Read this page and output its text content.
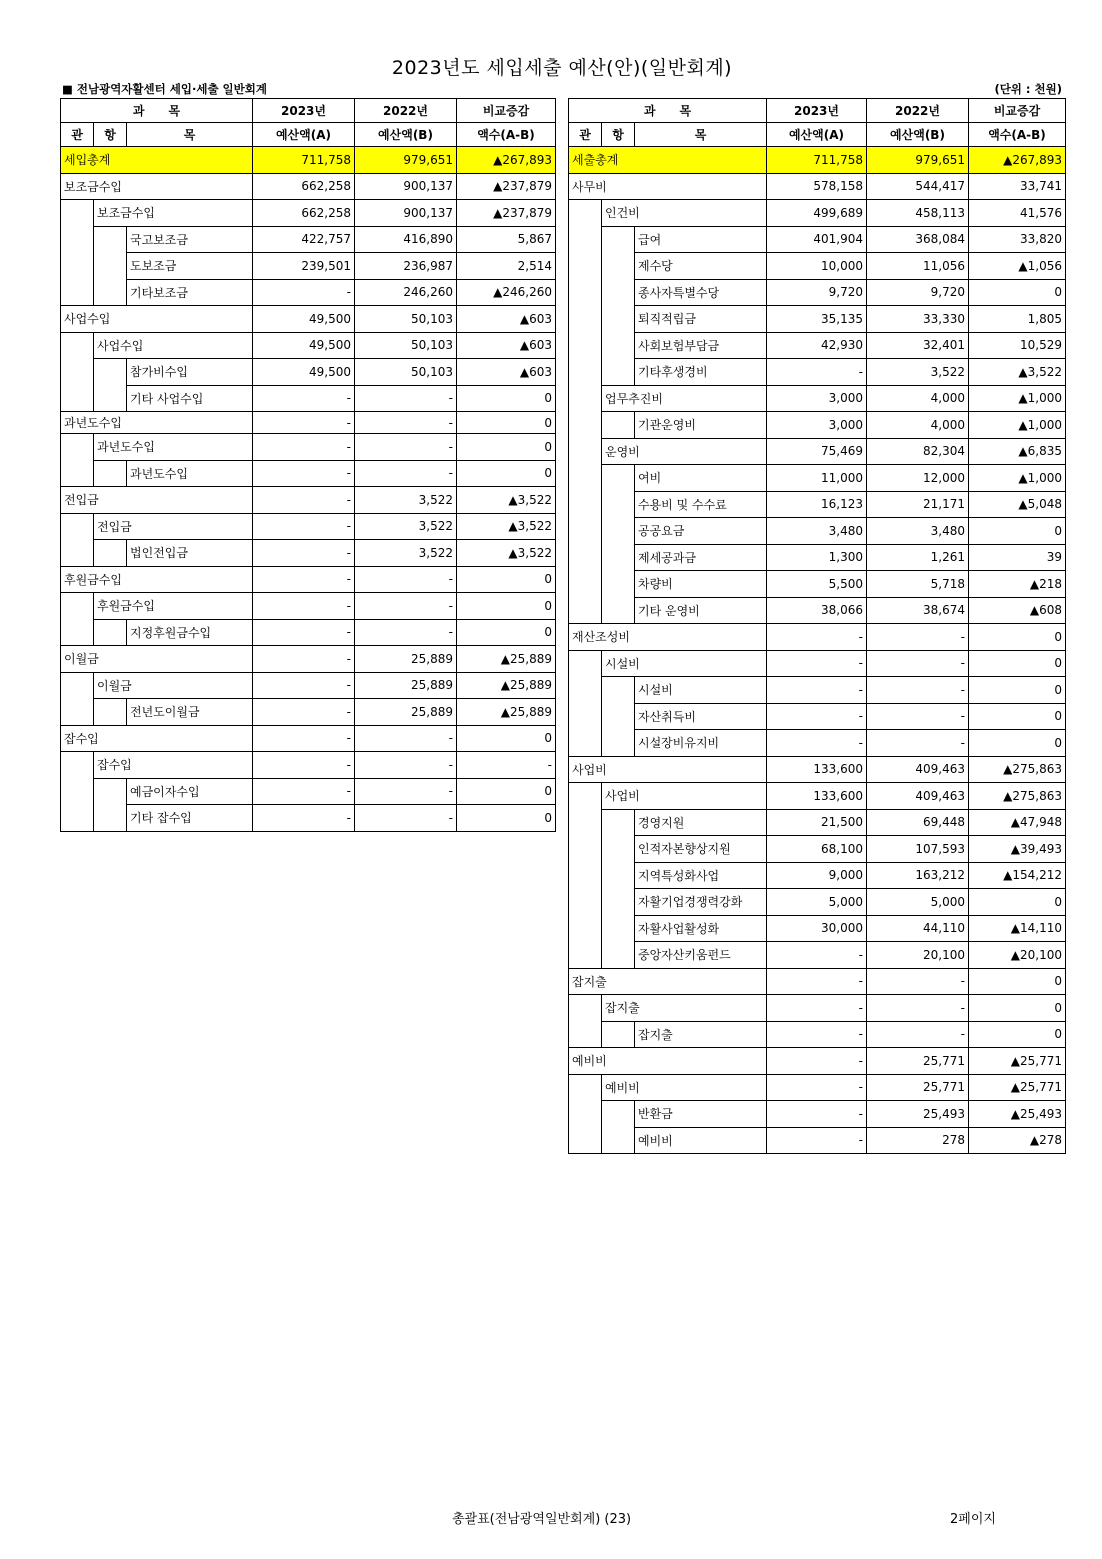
2023년도 세입세출 예산(안)(일반회계)
■ 전남광역자활센터 세입·세출 일반회계	(단위 : 천원)
과　　목			2023년	2022년	비교증감
관	항	목	예산액(A)	예산액(B)	액수(A-B)
세입총계			711,758	979,651	▲267,893
보조금수입			662,258	900,137	▲237,879
	보조금수입		662,258	900,137	▲237,879
		국고보조금	422,757	416,890	5,867
		도보조금	239,501	236,987	2,514
		기타보조금	-	246,260	▲246,260
사업수입			49,500	50,103	▲603
	사업수입		49,500	50,103	▲603
		참가비수입	49,500	50,103	▲603
		기타 사업수입	-	-	0
과년도수입			-	-	0
	과년도수입		-	-	0
		과년도수입	-	-	0
전입금			-	3,522	▲3,522
	전입금		-	3,522	▲3,522
		법인전입금	-	3,522	▲3,522
후원금수입			-	-	0
	후원금수입		-	-	0
		지정후원금수입	-	-	0
이월금			-	25,889	▲25,889
	이월금		-	25,889	▲25,889
		전년도이월금	-	25,889	▲25,889
잡수입			-	-	0
	잡수입		-	-	-
		예금이자수입	-	-	0
		기타 잡수입	-	-	0
과　　목			2023년	2022년	비교증감
관	항	목	예산액(A)	예산액(B)	액수(A-B)
세출총계			711,758	979,651	▲267,893
사무비			578,158	544,417	33,741
	인건비		499,689	458,113	41,576
		급여	401,904	368,084	33,820
		제수당	10,000	11,056	▲1,056
		종사자특별수당	9,720	9,720	0
		퇴직적립금	35,135	33,330	1,805
		사회보험부담금	42,930	32,401	10,529
		기타후생경비	-	3,522	▲3,522
	업무추진비		3,000	4,000	▲1,000
		기관운영비	3,000	4,000	▲1,000
	운영비		75,469	82,304	▲6,835
		여비	11,000	12,000	▲1,000
		수용비 및 수수료	16,123	21,171	▲5,048
		공공요금	3,480	3,480	0
		제세공과금	1,300	1,261	39
		차량비	5,500	5,718	▲218
		기타 운영비	38,066	38,674	▲608
재산조성비			-	-	0
	시설비		-	-	0
		시설비	-	-	0
		자산취득비	-	-	0
		시설장비유지비	-	-	0
사업비			133,600	409,463	▲275,863
	사업비		133,600	409,463	▲275,863
		경영지원	21,500	69,448	▲47,948
		인적자본향상지원	68,100	107,593	▲39,493
		지역특성화사업	9,000	163,212	▲154,212
		자활기업경쟁력강화	5,000	5,000	0
		자활사업활성화	30,000	44,110	▲14,110
		중앙자산키움펀드	-	20,100	▲20,100
잡지출			-	-	0
	잡지출		-	-	0
		잡지출	-	-	0
예비비			-	25,771	▲25,771
	예비비		-	25,771	▲25,771
		반환금	-	25,493	▲25,493
		예비비	-	278	▲278
총괄표(전남광역일반회계) (23)	2페이지
